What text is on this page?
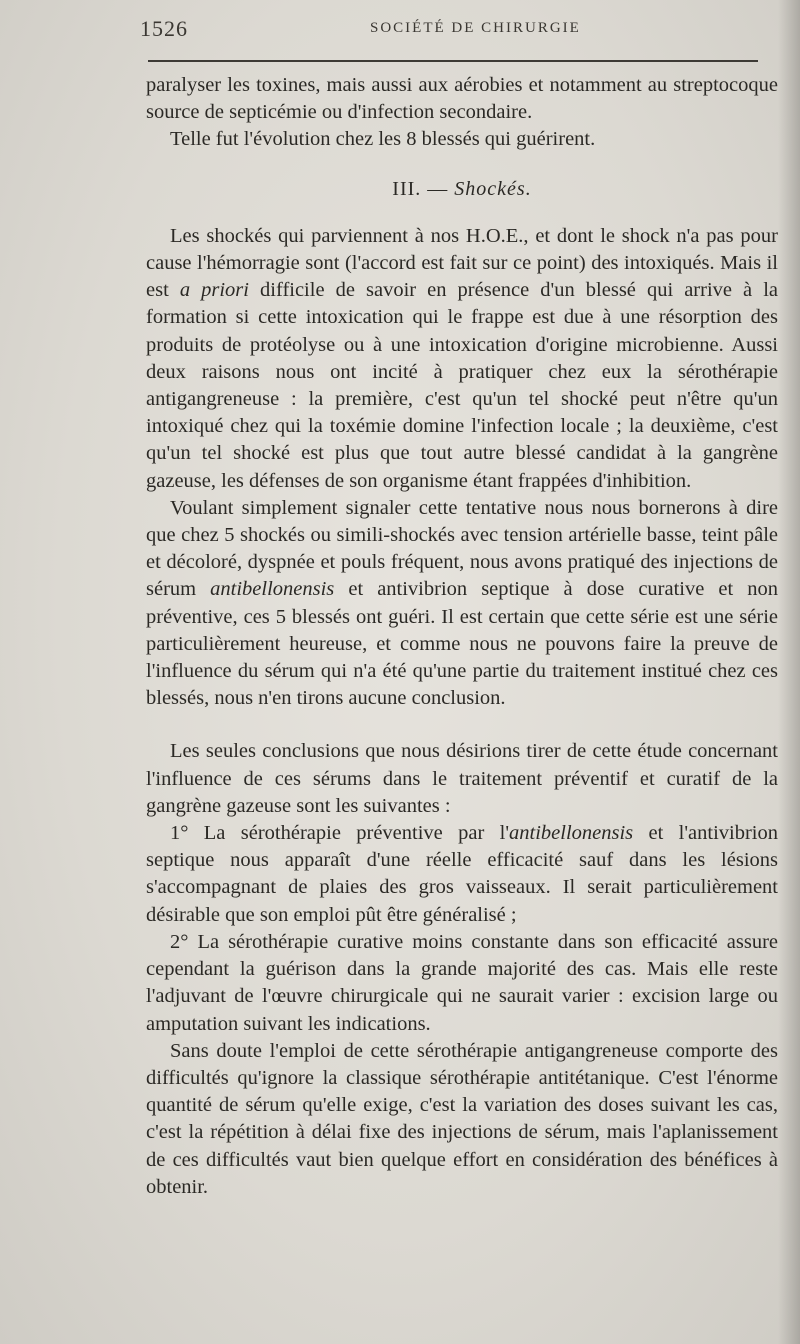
1526	SOCIÉTÉ DE CHIRURGIE

paralyser les toxines, mais aussi aux aérobies et notamment au streptocoque source de septicémie ou d'infection secondaire.

Telle fut l'évolution chez les 8 blessés qui guérirent.

III. — Shockés.

Les shockés qui parviennent à nos H.O.E., et dont le shock n'a pas pour cause l'hémorragie sont (l'accord est fait sur ce point) des intoxiqués. Mais il est a priori difficile de savoir en présence d'un blessé qui arrive à la formation si cette intoxication qui le frappe est due à une résorption des produits de protéolyse ou à une intoxication d'origine microbienne. Aussi deux raisons nous ont incité à pratiquer chez eux la sérothérapie antigangreneuse : la première, c'est qu'un tel shocké peut n'être qu'un intoxiqué chez qui la toxémie domine l'infection locale ; la deuxième, c'est qu'un tel shocké est plus que tout autre blessé candidat à la gangrène gazeuse, les défenses de son organisme étant frappées d'inhibition.

Voulant simplement signaler cette tentative nous nous bornerons à dire que chez 5 shockés ou simili-shockés avec tension artérielle basse, teint pâle et décoloré, dyspnée et pouls fréquent, nous avons pratiqué des injections de sérum antibellonensis et antivibrion septique à dose curative et non préventive, ces 5 blessés ont guéri. Il est certain que cette série est une série particulièrement heureuse, et comme nous ne pouvons faire la preuve de l'influence du sérum qui n'a été qu'une partie du traitement institué chez ces blessés, nous n'en tirons aucune conclusion.

Les seules conclusions que nous désirions tirer de cette étude concernant l'influence de ces sérums dans le traitement préventif et curatif de la gangrène gazeuse sont les suivantes :

1° La sérothérapie préventive par l'antibellonensis et l'antivibrion septique nous apparaît d'une réelle efficacité sauf dans les lésions s'accompagnant de plaies des gros vaisseaux. Il serait particulièrement désirable que son emploi pût être généralisé ;

2° La sérothérapie curative moins constante dans son efficacité assure cependant la guérison dans la grande majorité des cas. Mais elle reste l'adjuvant de l'œuvre chirurgicale qui ne saurait varier : excision large ou amputation suivant les indications.

Sans doute l'emploi de cette sérothérapie antigangreneuse comporte des difficultés qu'ignore la classique sérothérapie antitétanique. C'est l'énorme quantité de sérum qu'elle exige, c'est la variation des doses suivant les cas, c'est la répétition à délai fixe des injections de sérum, mais l'aplanissement de ces difficultés vaut bien quelque effort en considération des bénéfices à obtenir.
